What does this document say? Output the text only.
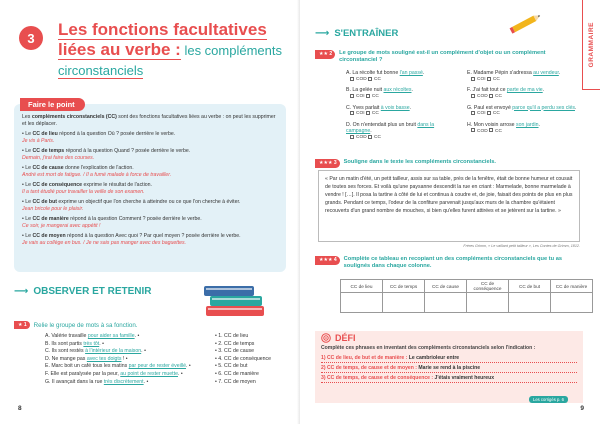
3 Les fonctions facultatives
liées au verbe : les compléments
circonstanciels

Les compléments circonstanciels (CC) sont des fonctions facultatives liées au verbe : on peut les supprimer et les déplacer.

• Le CC de lieu répond à la question Où ? posée derrière le verbe.
Je vis à Paris.

• Le CC de temps répond à la question Quand ? posée derrière le verbe.
Demain, j'irai faire des courses.

• Le CC de cause donne l'explication de l'action.
André est mort de fatigue. / Il a fumé malade à force de travailler.

• Le CC de conséquence exprime le résultat de l'action.
Il a tant étudié pour travailler la veille de son examen.

• Le CC de but exprime un objectif que l'on cherche à atteindre ou ce que l'on cherche à éviter.
Jean bricole pour le plaisir.

• Le CC de manière répond à la question Comment ? posée derrière le verbe.
Ce soir, je mangerai avec appétit !

• Le CC de moyen répond à la question Avec quoi ? Par quel moyen ? posée derrière le verbe.
Je vais au collège en bus. / Je ne sais pas manger avec des baguettes.

Faire le point
⟶ OBSERVER ET RETENIR
★ 1	Relie le groupe de mots à sa fonction.
A. Valérie travaille pour aider sa famille. •
B. Ils sont partis très tôt. •
C. Ils sont restés à l'intérieur de la maison. •
D. Ne mange pas avec tes doigts ! •
E. Marc boit un café tous les matins par peur de rester éveillé. •
F. Elle est paralysée par la peur, au point de rester muette. •
G. Il avançait dans la rue très discrètement. •
• 1. CC de lieu
• 2. CC de temps
• 3. CC de cause
• 4. CC de conséquence
• 5. CC de but
• 6. CC de manière
• 7. CC de moyen
8
⟶ S'ENTRAÎNER	GRAMMAIRE
★★ 2	Le groupe de mots souligné est-il un complément d'objet ou un complément circonstanciel ?
A. La récolte fut bonne l'an passé.
COD CC
E. Madame Pépin s'adressa au vendeur.
COI CC
B. La gelée nuit aux récoltes.
COI CC
F. J'ai fait tout ce parte de ma vie.
COD CC
C. Yves parlait à voix basse.
COI CC
G. Paul est envoyé parce qu'il a perdu ses clés.
COI CC
D. On n'entendait plus un bruit dans la campagne.
COD CC
H. Mon voisin arrose son jardin.
COD CC
★★★ 3	Souligne dans le texte les compléments circonstanciels.
« Par un matin d'été, un petit tailleur, assis sur sa table, près de la fenêtre, était de bonne humeur et cousait de toutes ses forces. Et voilà qu'une paysanne descendit la rue en criant : Marmelade, bonne marmelade à vendre ! […]. Il posa la tartine à côté de lui et continua à coudre et, de joie, faisait des points de plus en plus grands. Pendant ce temps, l'odeur de la confiture parvenait jusqu'aux murs de la chambre qu'étaient recouverts d'un grand nombre de mouches, si bien qu'elles furent attirées et se jetèrent sur la tartine. »
Frères Grimm, « Le vaillant petit tailleur », Les Contes de Grimm, 1812.
★★★ 4	Complète ce tableau en recopiant un des compléments circonstanciels que tu as soulignés dans chaque colonne.
CC de lieu	CC de temps	CC de cause	CC de conséquence	CC de but	CC de manière

DÉFI
Complète ces phrases en inventant des compléments circonstanciels selon l'indication :
1) CC de lieu, de but et de manière : Le cambrioleur entre
2) CC de temps, de cause et de moyen : Marie se rend à la piscine
3) CC de temps, de cause et de conséquence : J'étais vraiment heureux
Les corrigés p. 6
9
